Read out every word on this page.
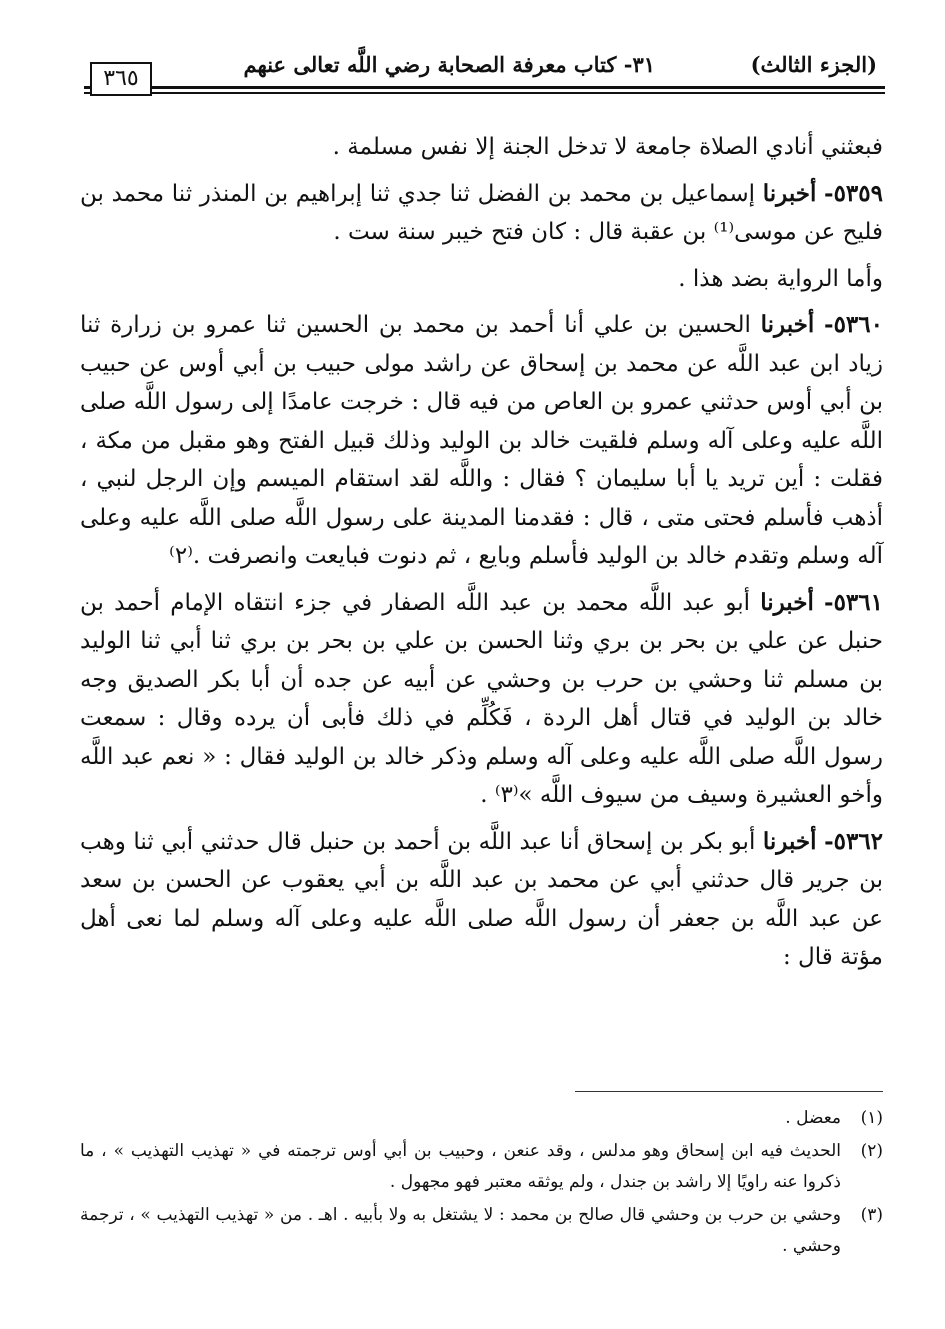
(الجزء الثالث)
٣١- كتاب معرفة الصحابة رضي اللَّه تعالى عنهم
٣٦٥

فبعثني أنادي الصلاة جامعة لا تدخل الجنة إلا نفس مسلمة .

٥٣٥٩- أخبرنا إسماعيل بن محمد بن الفضل ثنا جدي ثنا إبراهيم بن المنذر ثنا محمد بن فليح عن موسى⁽¹⁾ بن عقبة قال : كان فتح خيبر سنة ست .

وأما الرواية بضد هذا .

٥٣٦٠- أخبرنا الحسين بن علي أنا أحمد بن محمد بن الحسين ثنا عمرو بن زرارة ثنا زياد ابن عبد اللَّه عن محمد بن إسحاق عن راشد مولى حبيب بن أبي أوس عن حبيب بن أبي أوس حدثني عمرو بن العاص من فيه قال : خرجت عامدًا إلى رسول اللَّه صلى اللَّه عليه وعلى آله وسلم فلقيت خالد بن الوليد وذلك قبيل الفتح وهو مقبل من مكة ، فقلت : أين تريد يا أبا سليمان ؟ فقال : واللَّه لقد استقام الميسم وإن الرجل لنبي ، أذهب فأسلم فحتى متى ، قال : فقدمنا المدينة على رسول اللَّه صلى اللَّه عليه وعلى آله وسلم وتقدم خالد بن الوليد فأسلم وبايع ، ثم دنوت فبايعت وانصرفت .⁽٢⁾

٥٣٦١- أخبرنا أبو عبد اللَّه محمد بن عبد اللَّه الصفار في جزء انتقاه الإمام أحمد بن حنبل عن علي بن بحر بن بري وثنا الحسن بن علي بن بحر بن بري ثنا أبي ثنا الوليد بن مسلم ثنا وحشي بن حرب بن وحشي عن أبيه عن جده أن أبا بكر الصديق وجه خالد بن الوليد في قتال أهل الردة ، فَكُلِّم في ذلك فأبى أن يرده وقال : سمعت رسول اللَّه صلى اللَّه عليه وعلى آله وسلم وذكر خالد بن الوليد فقال : « نعم عبد اللَّه وأخو العشيرة وسيف من سيوف اللَّه »⁽٣⁾ .

٥٣٦٢- أخبرنا أبو بكر بن إسحاق أنا عبد اللَّه بن أحمد بن حنبل قال حدثني أبي ثنا وهب بن جرير قال حدثني أبي عن محمد بن عبد اللَّه بن أبي يعقوب عن الحسن بن سعد عن عبد اللَّه بن جعفر أن رسول اللَّه صلى اللَّه عليه وعلى آله وسلم لما نعى أهل مؤتة قال :

(١)
معضل .
(٢)
الحديث فيه ابن إسحاق وهو مدلس ، وقد عنعن ، وحبيب بن أبي أوس ترجمته في « تهذيب التهذيب » ، ما ذكروا عنه راويًا إلا راشد بن جندل ، ولم يوثقه معتبر فهو مجهول .
(٣)
وحشي بن حرب بن وحشي قال صالح بن محمد : لا يشتغل به ولا بأبيه . اهـ . من « تهذيب التهذيب » ، ترجمة وحشي .
